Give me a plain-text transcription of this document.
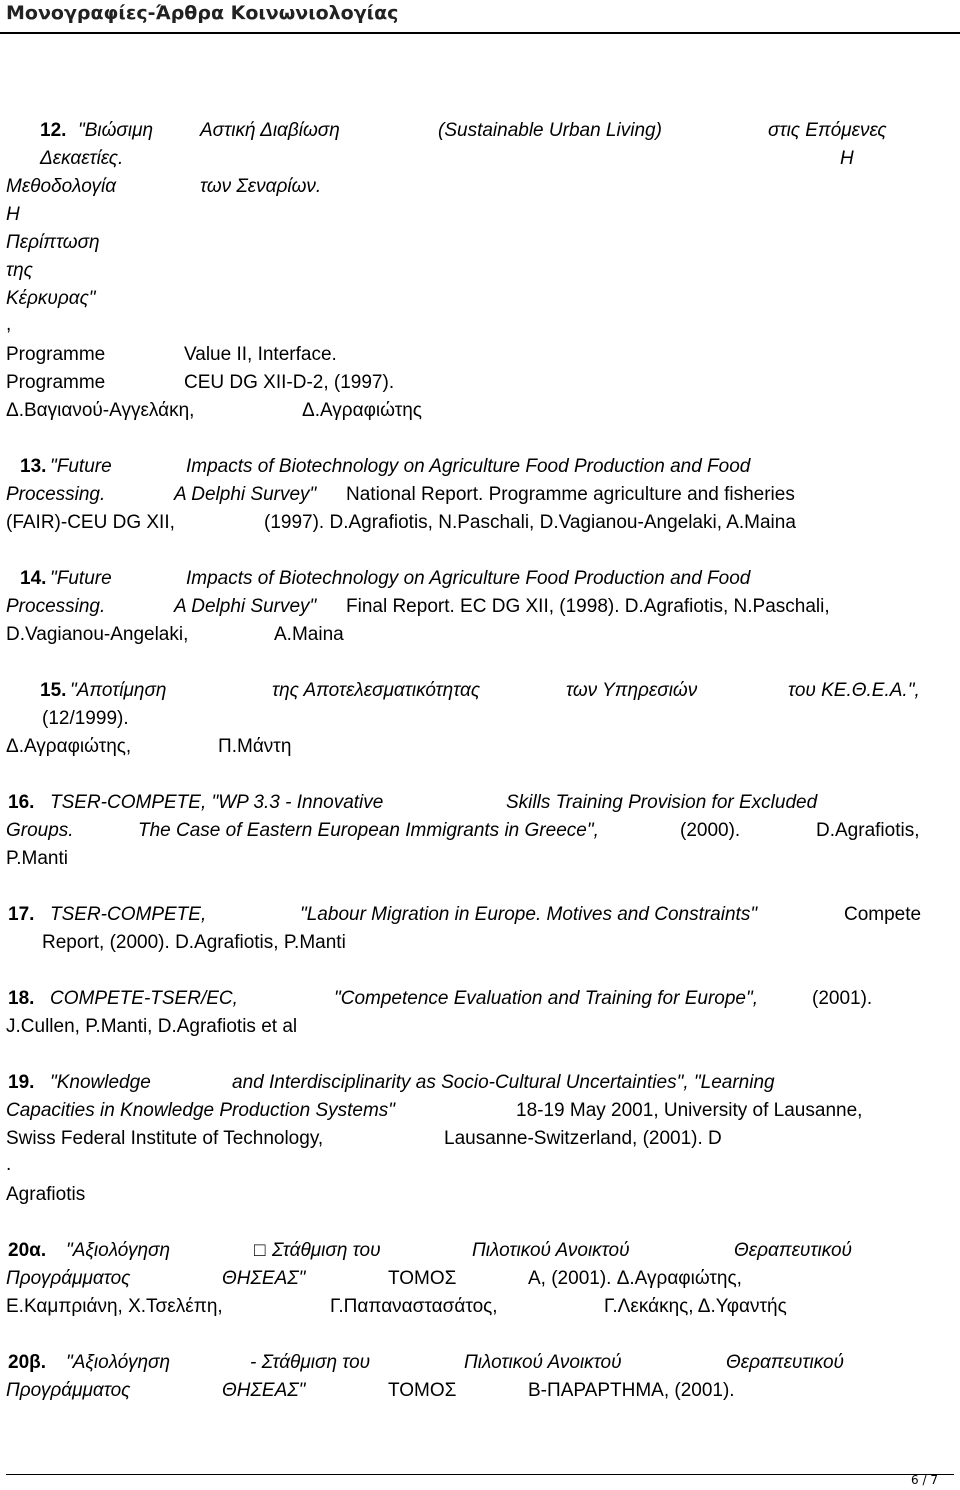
Μονογραφίες-Άρθρα Κοινωνιολογίας
12. "Βιώσιμη Αστική Διαβίωση	(Sustainable Urban Living)	στις Επόμενες
Δεκαετίες.	Η
Μεθοδολογία	των Σεναρίων.
Η
Περίπτωση
της
Κέρκυρας"
,
Programme	Value II, Interface.
Programme	CEU DG XII-D-2, (1997).
Δ.Βαγιανού-Αγγελάκη,	Δ.Αγραφιώτης
13. "Future	Impacts of Biotechnology on Agriculture Food Production and Food
Processing.	A Delphi Survey" National Report. Programme agriculture and fisheries
(FAIR)-CEU DG XII,	(1997). D.Agrafiotis, N.Paschali, D.Vagianou-Angelaki, A.Maina
14. "Future	Impacts of Biotechnology on Agriculture Food Production and Food
Processing.	A Delphi Survey" Final Report. EC DG XII, (1998). D.Agrafiotis, N.Paschali,
D.Vagianou-Angelaki,	A.Maina
15. "Αποτίμηση	της Αποτελεσματικότητας	των Υπηρεσιών	του ΚΕ.Θ.Ε.Α.",
(12/1999).
Δ.Αγραφιώτης,	Π.Μάντη
16. TSER-COMPETE, "WP 3.3 - Innovative	Skills Training Provision for Excluded
Groups.	The Case of Eastern European Immigrants in Greece",	(2000).	D.Agrafiotis,
P.Manti
17. TSER-COMPETE,	"Labour Migration in Europe. Motives and Constraints"	Compete
Report, (2000). D.Agrafiotis, P.Manti
18. COMPETE-TSER/EC,	"Competence Evaluation and Training for Europe",	(2001).
J.Cullen, P.Manti, D.Agrafiotis et al
19. "Knowledge	and Interdisciplinarity as Socio-Cultural Uncertainties", "Learning
Capacities in Knowledge Production Systems"	18-19 May 2001, University of Lausanne,
Swiss Federal Institute of Technology,	Lausanne-Switzerland, (2001). D
.
Agrafiotis
20α. "Αξιολόγηση	□ Στάθμιση του	Πιλοτικού Ανοικτού	Θεραπευτικού
Προγράμματος	ΘΗΣΕΑΣ"	ΤΟΜΟΣ	A, (2001). Δ.Αγραφιώτης,
Ε.Καμπριάνη, Χ.Τσελέπη,	Γ.Παπαναστασάτος,	Γ.Λεκάκης, Δ.Υφαντής
20β. "Αξιολόγηση	- Στάθμιση του	Πιλοτικού Ανοικτού	Θεραπευτικού
Προγράμματος	ΘΗΣΕΑΣ"	ΤΟΜΟΣ	B-ΠΑΡΑΡΤΗΜΑ, (2001).
6 / 7
